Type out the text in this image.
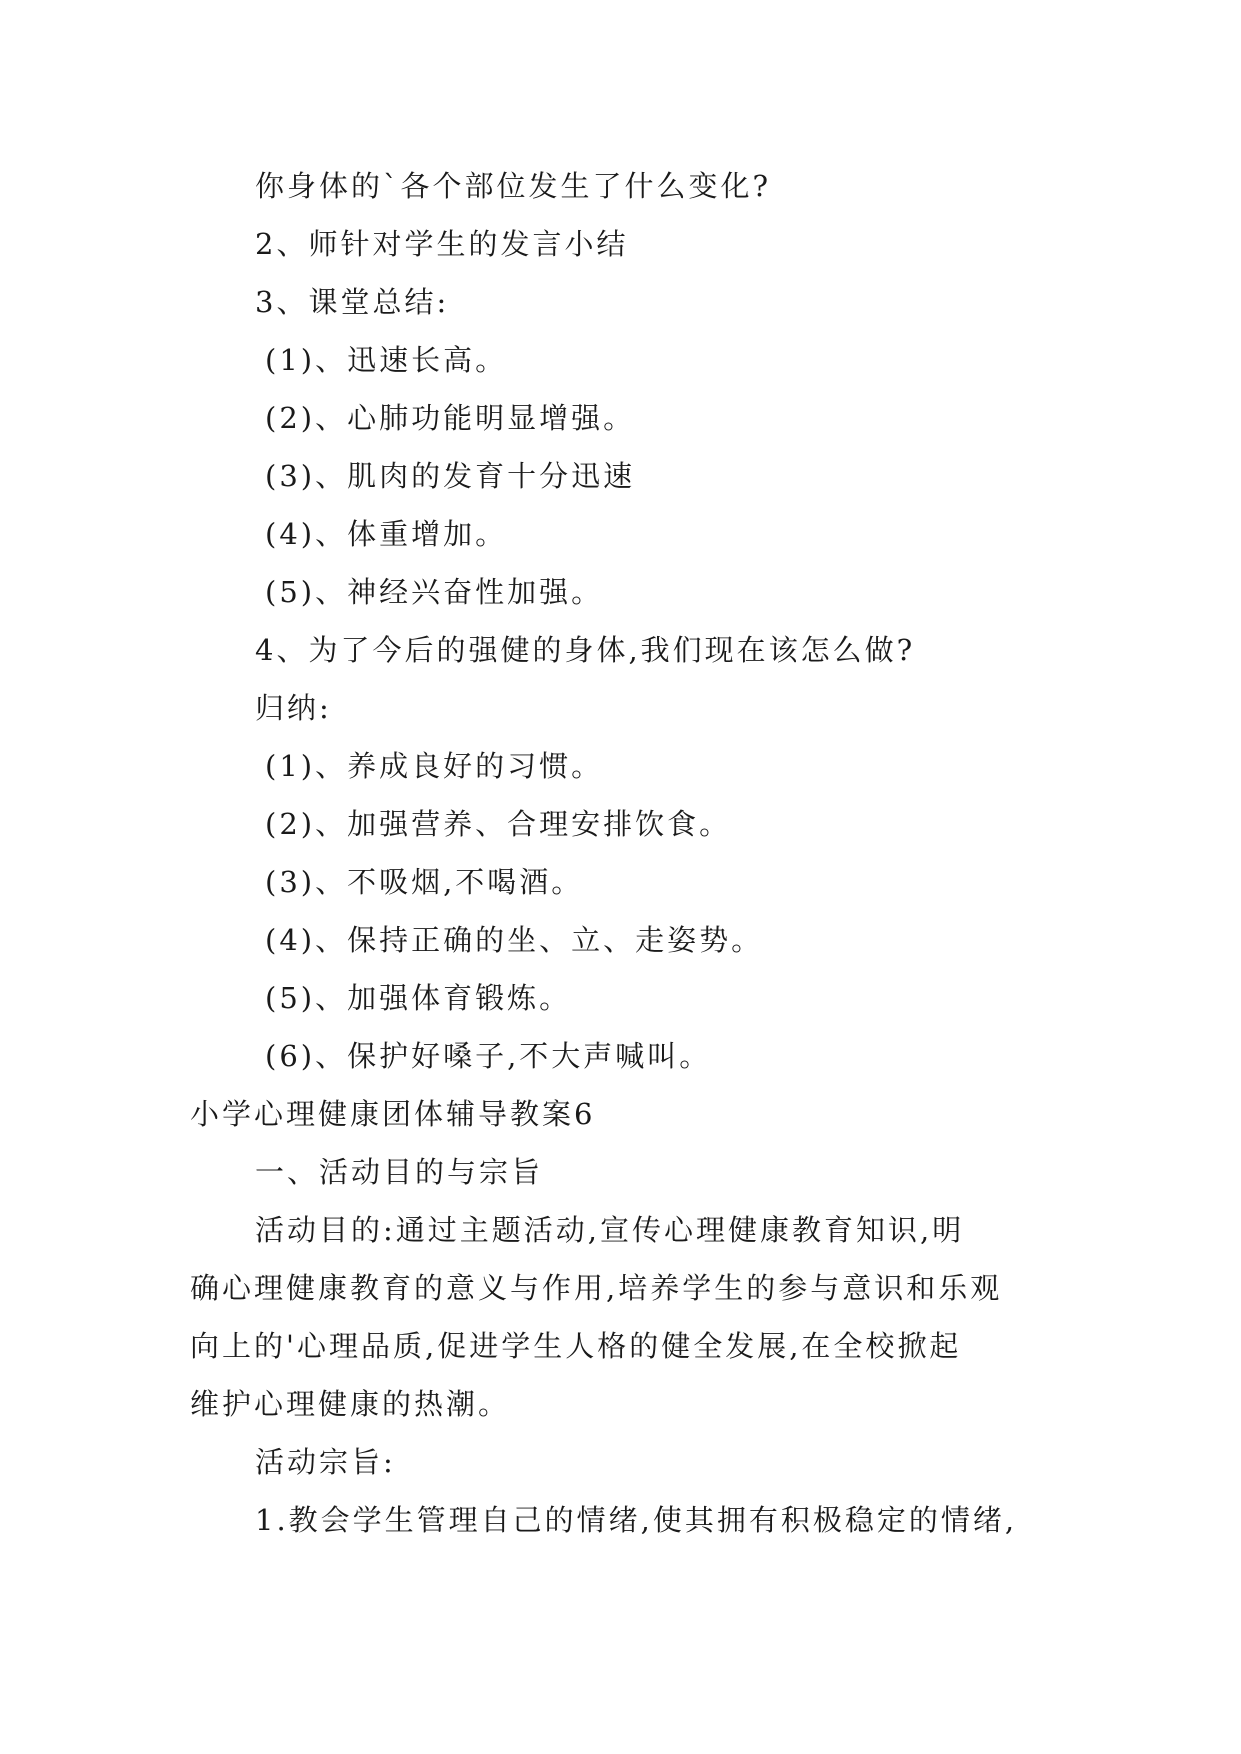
你身体的`各个部位发生了什么变化?
2、师针对学生的发言小结
3、课堂总结:
(1)、迅速长高。
(2)、心肺功能明显增强。
(3)、肌肉的发育十分迅速
(4)、体重增加。
(5)、神经兴奋性加强。
4、为了今后的强健的身体,我们现在该怎么做?
归纳:
(1)、养成良好的习惯。
(2)、加强营养、合理安排饮食。
(3)、不吸烟,不喝酒。
(4)、保持正确的坐、立、走姿势。
(5)、加强体育锻炼。
(6)、保护好嗓子,不大声喊叫。
小学心理健康团体辅导教案6
一、活动目的与宗旨
活动目的:通过主题活动,宣传心理健康教育知识,明
确心理健康教育的意义与作用,培养学生的参与意识和乐观
向上的'心理品质,促进学生人格的健全发展,在全校掀起
维护心理健康的热潮。
活动宗旨:
1.教会学生管理自己的情绪,使其拥有积极稳定的情绪,
